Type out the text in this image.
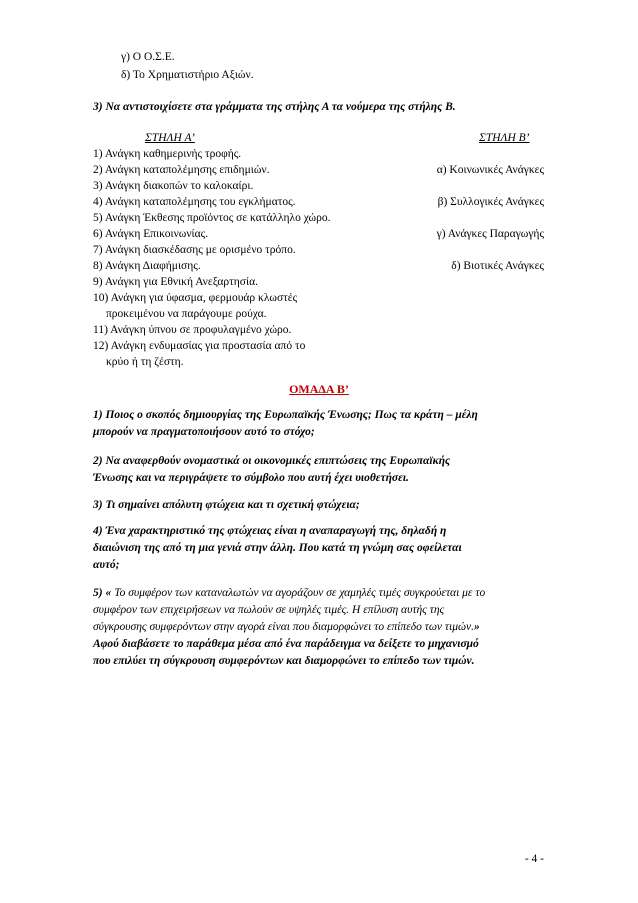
γ) Ο Ο.Σ.Ε.
δ) Το Χρηματιστήριο Αξιών.
3) Να αντιστοιχίσετε στα γράμματα της στήλης Α τα νούμερα της στήλης Β.
ΣΤΗΛΗ Α’	ΣΤΗΛΗ Β’
1) Ανάγκη καθημερινής τροφής.
2) Ανάγκη καταπολέμησης επιδημιών.
3) Ανάγκη διακοπών το καλοκαίρι.
4) Ανάγκη καταπολέμησης του εγκλήματος.
5) Ανάγκη Έκθεσης προϊόντος σε κατάλληλο χώρο.
6) Ανάγκη Επικοινωνίας.
7) Ανάγκη διασκέδασης με ορισμένο τρόπο.
8) Ανάγκη Διαφήμισης.
9) Ανάγκη για Εθνική Ανεξαρτησία.
10) Ανάγκη για ύφασμα, φερμουάρ κλωστές
προκειμένου να παράγουμε ρούχα.
11) Ανάγκη ύπνου σε προφυλαγμένο χώρο.
12) Ανάγκη ενδυμασίας για προστασία από το
κρύο ή τη ζέστη.
α) Κοινωνικές Ανάγκες
β) Συλλογικές Ανάγκες
γ) Ανάγκες Παραγωγής
δ) Βιοτικές Ανάγκες
ΟΜΑΔΑ Β’
1) Ποιος ο σκοπός δημιουργίας της Ευρωπαϊκής Ένωσης; Πως τα κράτη – μέλη
μπορούν να πραγματοποιήσουν αυτό το στόχο;
2) Να αναφερθούν ονομαστικά οι οικονομικές επιπτώσεις της Ευρωπαϊκής
Ένωσης και να περιγράψετε το σύμβολο που αυτή έχει υιοθετήσει.
3) Τι σημαίνει απόλυτη φτώχεια και τι σχετική φτώχεια;
4) Ένα χαρακτηριστικό της φτώχειας είναι η αναπαραγωγή της, δηλαδή η
διαιώνιση της από τη μια γενιά στην άλλη. Που κατά τη γνώμη σας οφείλεται
αυτό;
5) « Το συμφέρον των καταναλωτών να αγοράζουν σε χαμηλές τιμές συγκρούεται με το
συμφέρον των επιχειρήσεων να πωλούν σε υψηλές τιμές. Η επίλυση αυτής της
σύγκρουσης συμφερόντων στην αγορά είναι που διαμορφώνει το επίπεδο των τιμών.»
Αφού διαβάσετε το παράθεμα μέσα από ένα παράδειγμα να δείξετε το μηχανισμό
που επιλύει τη σύγκρουση συμφερόντων και διαμορφώνει το επίπεδο των τιμών.
- 4 -
